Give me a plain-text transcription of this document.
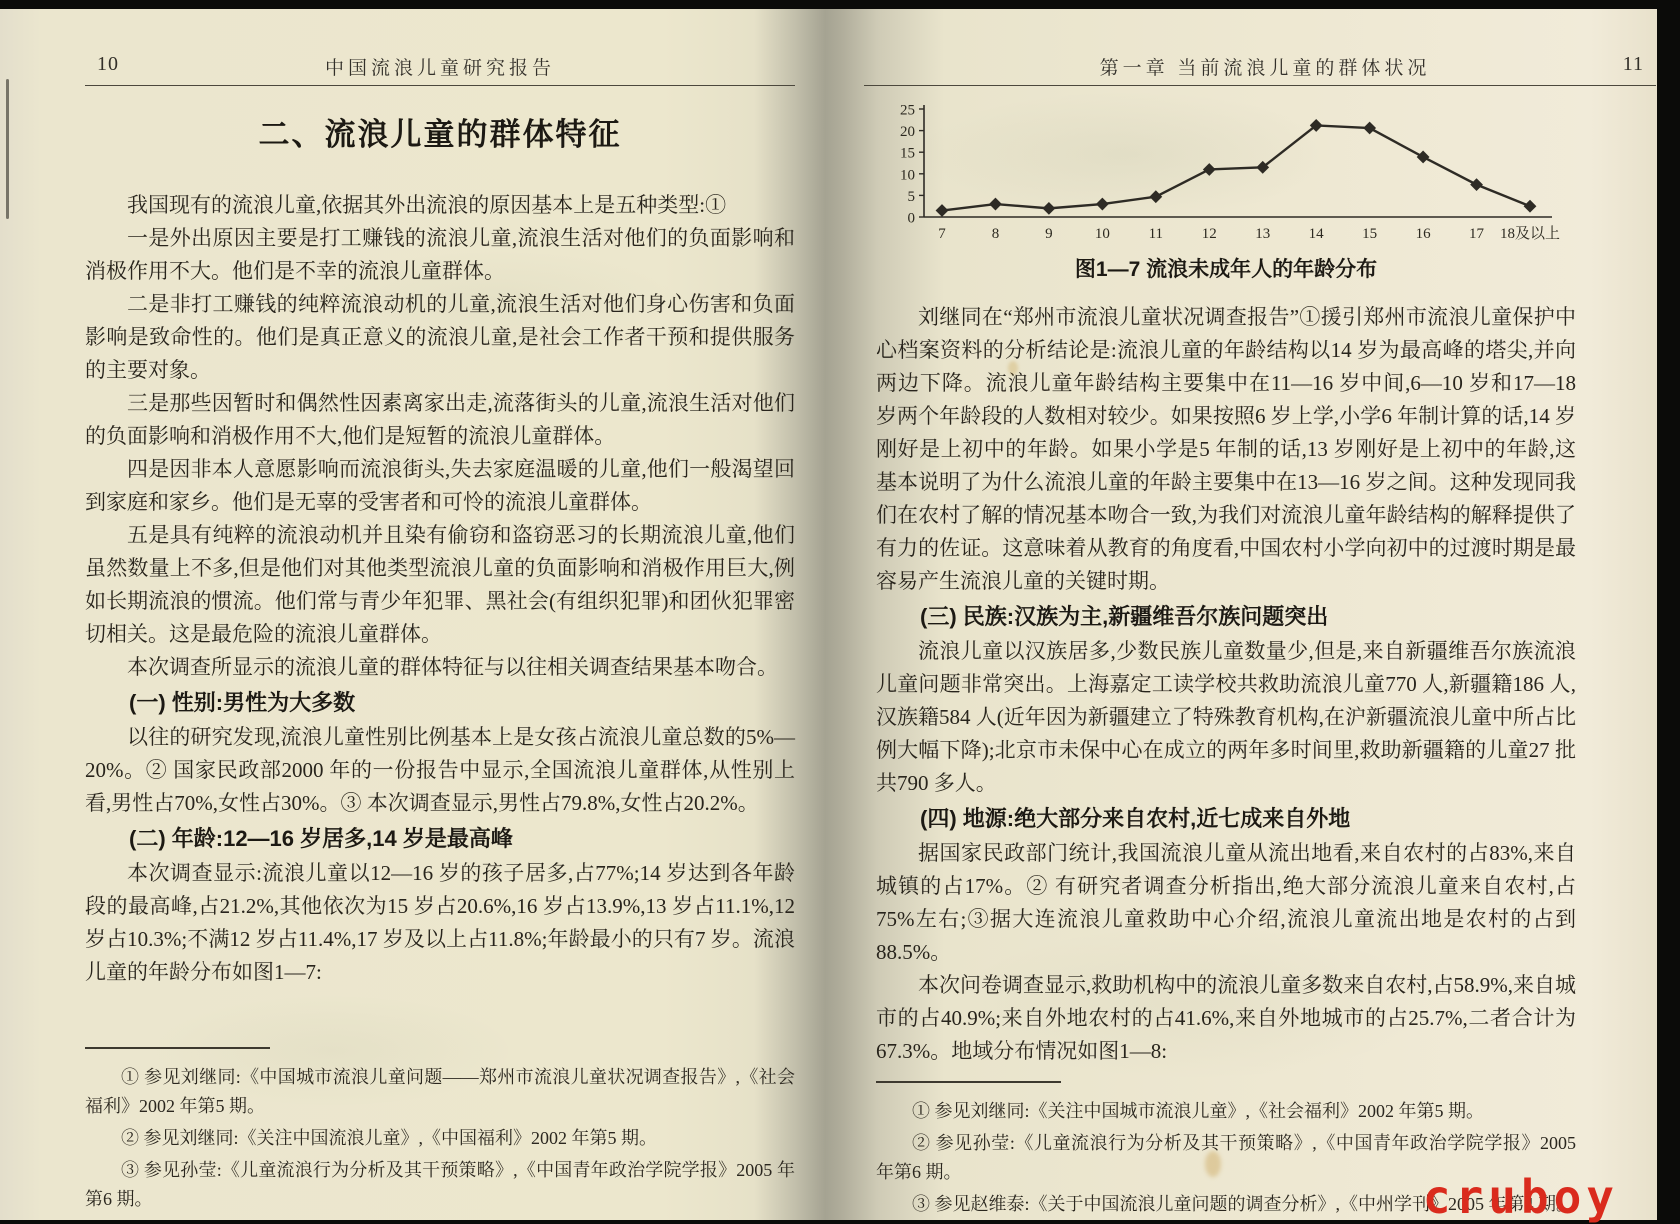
10	中国流浪儿童研究报告
二、流浪儿童的群体特征

我国现有的流浪儿童,依据其外出流浪的原因基本上是五种类型:①

一是外出原因主要是打工赚钱的流浪儿童,流浪生活对他们的负面影响和消极作用不大。他们是不幸的流浪儿童群体。

二是非打工赚钱的纯粹流浪动机的儿童,流浪生活对他们身心伤害和负面影响是致命性的。他们是真正意义的流浪儿童,是社会工作者干预和提供服务的主要对象。

三是那些因暂时和偶然性因素离家出走,流落街头的儿童,流浪生活对他们的负面影响和消极作用不大,他们是短暂的流浪儿童群体。

四是因非本人意愿影响而流浪街头,失去家庭温暖的儿童,他们一般渴望回到家庭和家乡。他们是无辜的受害者和可怜的流浪儿童群体。

五是具有纯粹的流浪动机并且染有偷窃和盗窃恶习的长期流浪儿童,他们虽然数量上不多,但是他们对其他类型流浪儿童的负面影响和消极作用巨大,例如长期流浪的惯流。他们常与青少年犯罪、黑社会(有组织犯罪)和团伙犯罪密切相关。这是最危险的流浪儿童群体。

本次调查所显示的流浪儿童的群体特征与以往相关调查结果基本吻合。

(一) 性别:男性为大多数

以往的研究发现,流浪儿童性别比例基本上是女孩占流浪儿童总数的5%—20%。② 国家民政部2000 年的一份报告中显示,全国流浪儿童群体,从性别上看,男性占70%,女性占30%。③ 本次调查显示,男性占79.8%,女性占20.2%。

(二) 年龄:12—16 岁居多,14 岁是最高峰

本次调查显示:流浪儿童以12—16 岁的孩子居多,占77%;14 岁达到各年龄段的最高峰,占21.2%,其他依次为15 岁占20.6%,16 岁占13.9%,13 岁占11.1%,12 岁占10.3%;不满12 岁占11.4%,17 岁及以上占11.8%;年龄最小的只有7 岁。流浪儿童的年龄分布如图1—7:

① 参见刘继同:《中国城市流浪儿童问题——郑州市流浪儿童状况调查报告》,《社会福利》2002 年第5 期。

② 参见刘继同:《关注中国流浪儿童》,《中国福利》2002 年第5 期。

③ 参见孙莹:《儿童流浪行为分析及其干预策略》,《中国青年政治学院学报》2005 年第6 期。

第一章 当前流浪儿童的群体状况	11
0
5
10
15
20
25
7	8	9	10	11	12	13	14	15	16	17 18及以上

图1—7 流浪未成年人的年龄分布

刘继同在“郑州市流浪儿童状况调查报告”①援引郑州市流浪儿童保护中心档案资料的分析结论是:流浪儿童的年龄结构以14 岁为最高峰的塔尖,并向两边下降。流浪儿童年龄结构主要集中在11—16 岁中间,6—10 岁和17—18 岁两个年龄段的人数相对较少。如果按照6 岁上学,小学6 年制计算的话,14 岁刚好是上初中的年龄。如果小学是5 年制的话,13 岁刚好是上初中的年龄,这基本说明了为什么流浪儿童的年龄主要集中在13—16 岁之间。这种发现同我们在农村了解的情况基本吻合一致,为我们对流浪儿童年龄结构的解释提供了有力的佐证。这意味着从教育的角度看,中国农村小学向初中的过渡时期是最容易产生流浪儿童的关键时期。

(三) 民族:汉族为主,新疆维吾尔族问题突出

流浪儿童以汉族居多,少数民族儿童数量少,但是,来自新疆维吾尔族流浪儿童问题非常突出。上海嘉定工读学校共救助流浪儿童770 人,新疆籍186 人,汉族籍584 人(近年因为新疆建立了特殊教育机构,在沪新疆流浪儿童中所占比例大幅下降);北京市未保中心在成立的两年多时间里,救助新疆籍的儿童27 批共790 多人。

(四) 地源:绝大部分来自农村,近七成来自外地

据国家民政部门统计,我国流浪儿童从流出地看,来自农村的占83%,来自城镇的占17%。② 有研究者调查分析指出,绝大部分流浪儿童来自农村,占75%左右;③据大连流浪儿童救助中心介绍,流浪儿童流出地是农村的占到88.5%。

本次问卷调查显示,救助机构中的流浪儿童多数来自农村,占58.9%,来自城市的占40.9%;来自外地农村的占41.6%,来自外地城市的占25.7%,二者合计为67.3%。地域分布情况如图1—8:

① 参见刘继同:《关注中国城市流浪儿童》,《社会福利》2002 年第5 期。

② 参见孙莹:《儿童流浪行为分析及其干预策略》,《中国青年政治学院学报》2005 年第6 期。

③ 参见赵维泰:《关于中国流浪儿童问题的调查分析》,《中州学刊》2005 年第4 期。

cruboy
